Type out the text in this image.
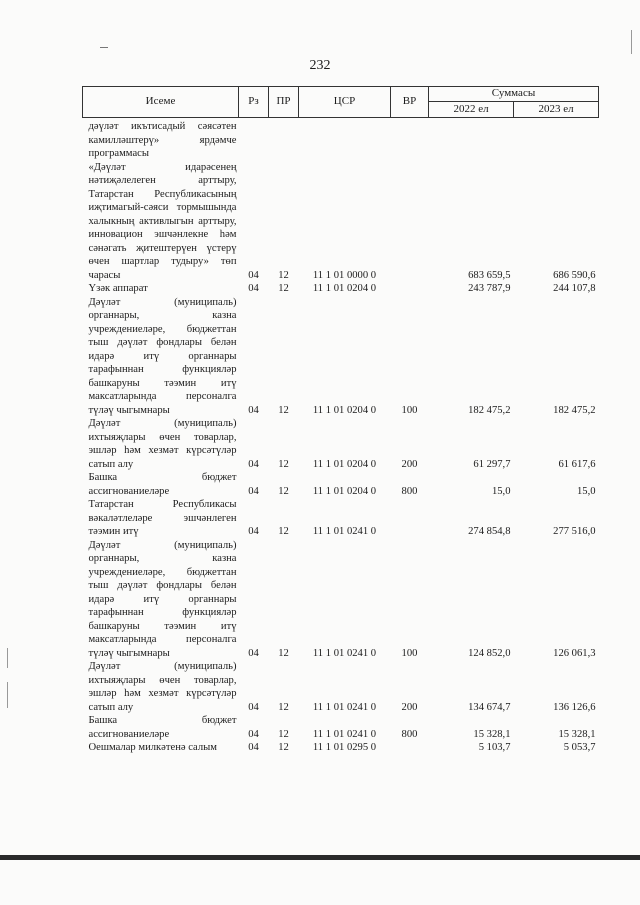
232
Исеме	Рз	ПР	ЦСР	ВР	Суммасы	
					2022 ел	2023 ел
дәүләт икътисадый сәясәтен камилләштерү» ярдәмче программасы						
«Дәүләт идарәсенең нәтиҗәлелеген арттыру, Татарстан Республикасының иҗтимагый-сәяси тормышында халыкның активлыгын арттыру, инновацион эшчәнлекне һәм сәнәгать җитештерүен үстерү өчен шартлар тудыру» төп чарасы	04	12	11 1 01 0000 0		683 659,5	686 590,6
Үзәк аппарат	04	12	11 1 01 0204 0		243 787,9	244 107,8
Дәүләт (муниципаль) органнары, казна учреждениеләре, бюджеттан тыш дәүләт фондлары белән идарә итү органнары тарафыннан функцияләр башкаруны тәэмин итү максатларында персоналга түләү чыгымнары	04	12	11 1 01 0204 0	100	182 475,2	182 475,2
Дәүләт (муниципаль) ихтыяҗлары өчен товарлар, эшләр һәм хезмәт күрсәтүләр сатып алу	04	12	11 1 01 0204 0	200	61 297,7	61 617,6
Башка бюджет ассигнованиеләре	04	12	11 1 01 0204 0	800	15,0	15,0
Татарстан Республикасы вәкаләтлеләре эшчәнлеген тәэмин итү	04	12	11 1 01 0241 0		274 854,8	277 516,0
Дәүләт (муниципаль) органнары, казна учреждениеләре, бюджеттан тыш дәүләт фондлары белән идарә итү органнары тарафыннан функцияләр башкаруны тәэмин итү максатларында персоналга түләү чыгымнары	04	12	11 1 01 0241 0	100	124 852,0	126 061,3
Дәүләт (муниципаль) ихтыяҗлары өчен товарлар, эшләр һәм хезмәт күрсәтүләр сатып алу	04	12	11 1 01 0241 0	200	134 674,7	136 126,6
Башка бюджет ассигнованиеләре	04	12	11 1 01 0241 0	800	15 328,1	15 328,1
Оешмалар милкәтенә салым	04	12	11 1 01 0295 0		5 103,7	5 053,7
